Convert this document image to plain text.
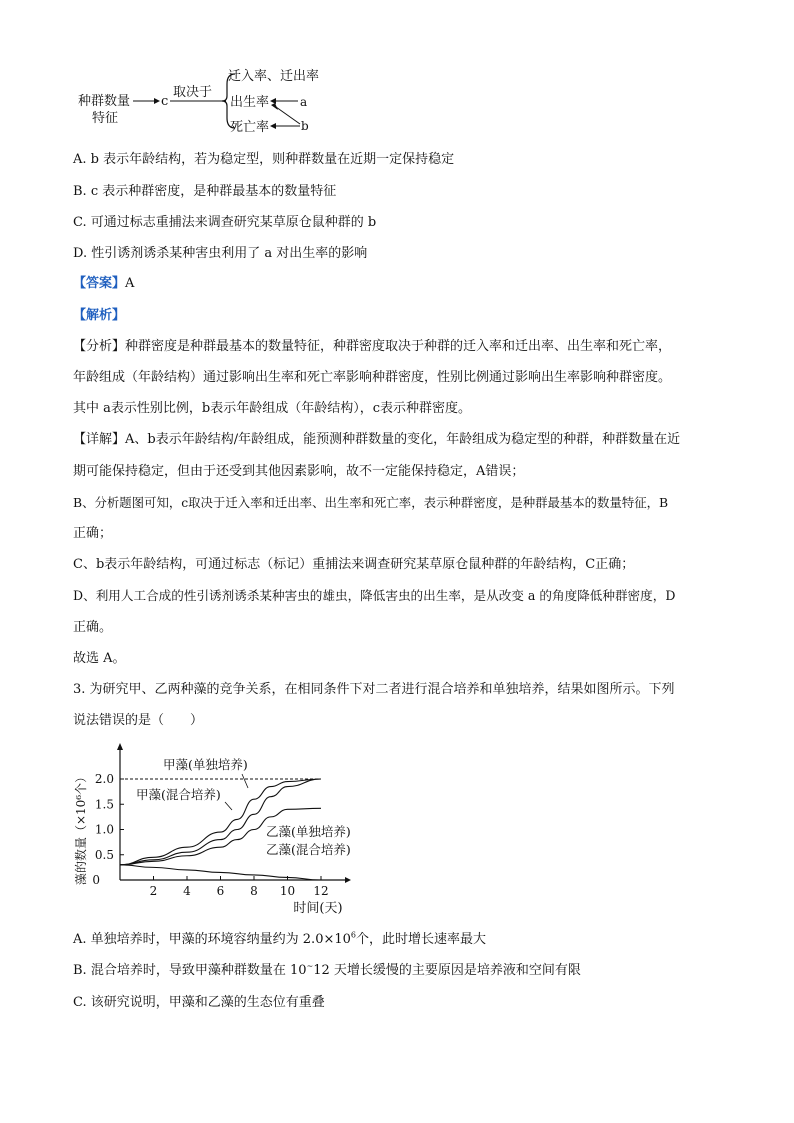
种群数量
特征
c
取决于
迁入率、迁出率
出生率
死亡率
a
b
A. b 表示年龄结构，若为稳定型，则种群数量在近期一定保持稳定
B. c 表示种群密度，是种群最基本的数量特征
C. 可通过标志重捕法来调查研究某草原仓鼠种群的 b
D. 性引诱剂诱杀某种害虫利用了 a 对出生率的影响
【答案】A
【解析】
【分析】种群密度是种群最基本的数量特征，种群密度取决于种群的迁入率和迁出率、出生率和死亡率，
年龄组成（年龄结构）通过影响出生率和死亡率影响种群密度，性别比例通过影响出生率影响种群密度。
其中 a表示性别比例，b表示年龄组成（年龄结构），c表示种群密度。
【详解】A、b表示年龄结构/年龄组成，能预测种群数量的变化，年龄组成为稳定型的种群，种群数量在近
期可能保持稳定，但由于还受到其他因素影响，故不一定能保持稳定，A错误；
B、分析题图可知，c取决于迁入率和迁出率、出生率和死亡率，表示种群密度，是种群最基本的数量特征，B
正确；
C、b表示年龄结构，可通过标志（标记）重捕法来调查研究某草原仓鼠种群的年龄结构，C正确；
D、利用人工合成的性引诱剂诱杀某种害虫的雄虫，降低害虫的出生率，是从改变 a 的角度降低种群密度，D
正确。
故选 A。
3. 为研究甲、乙两种藻的竞争关系，在相同条件下对二者进行混合培养和单独培养，结果如图所示。下列
说法错误的是（　　）
2 4 6 8 10 12
0
0.5
1.0
1.5
2.0
时间(天)
藻的数量（×10⁶个）
甲藻(单独培养)
甲藻(混合培养)
乙藻(单独培养)
乙藻(混合培养)
A. 单独培养时，甲藻的环境容纳量约为 $2.0\times 10^6$个，此时增长速率最大
B. 混合培养时，导致甲藻种群数量在 10~12 天增长缓慢的主要原因是培养液和空间有限
C. 该研究说明，甲藻和乙藻的生态位有重叠
